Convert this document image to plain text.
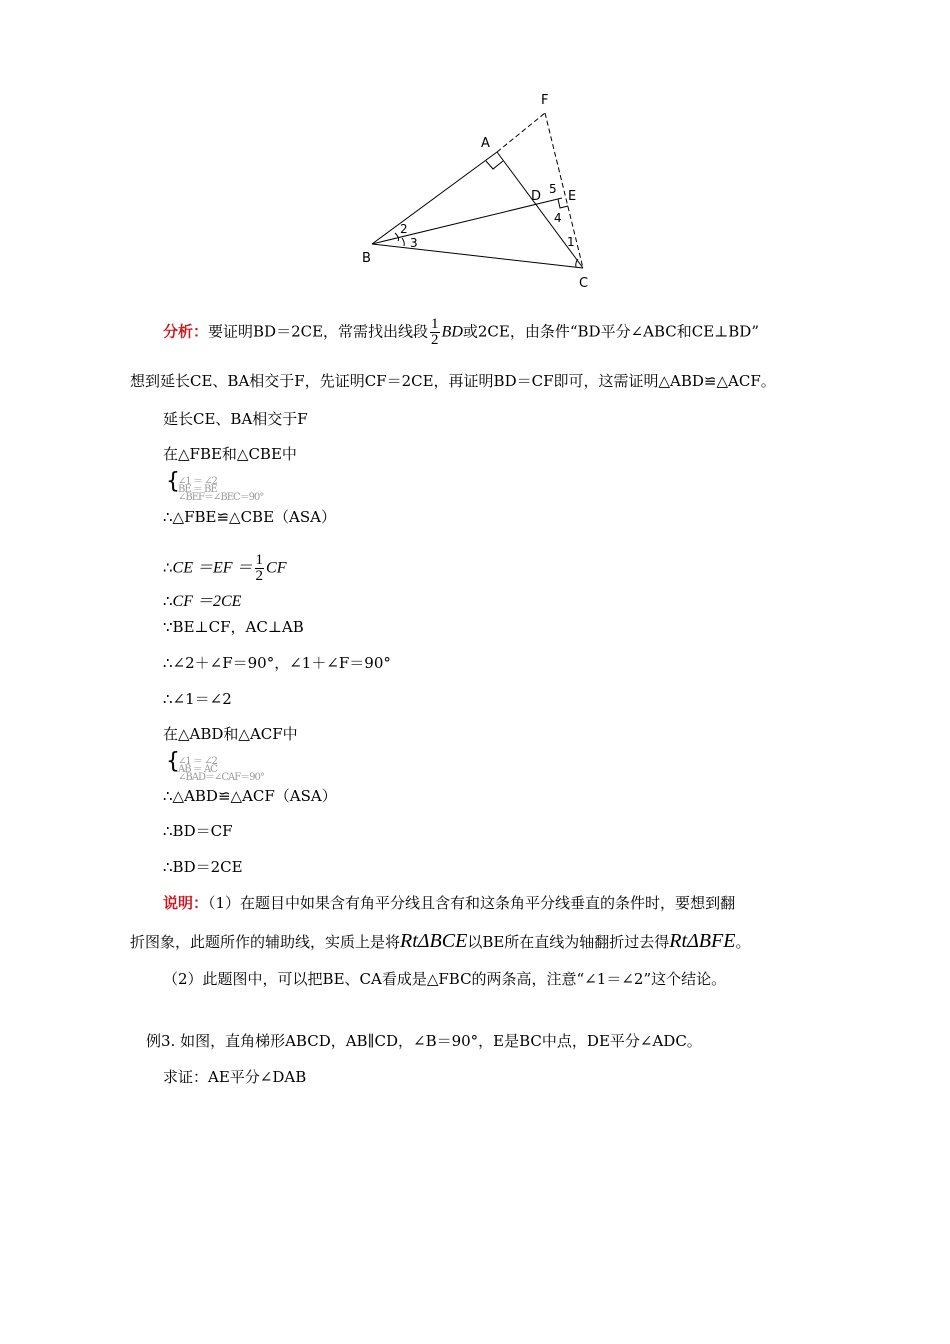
F
A
D 5 E
4
2
3	1
B
C
分析：要证明BD＝2CE，常需找出线段 $\frac{1}{2}$ BD或2CE，由条件“BD平分∠ABC和CE⊥BD”
想到延长CE、BA相交于F，先证明CF＝2CE，再证明BD＝CF即可，这需证明△ABD≌△ACF。
延长CE、BA相交于F
在△FBE和△CBE中
{
∠1 ＝ ∠2
BE ＝ BE
∠BEF＝∠BEC＝90°
∴△FBE≌△CBE（ASA）
∴CE $=EF = \frac{1}{2}$ CF
∴CF ＝2CE
∵BE⊥CF，AC⊥AB
∴∠2＋∠F＝90°，∠1＋∠F＝90°
∴∠1＝∠2
在△ABD和△ACF中
{
∠1 ＝ ∠2
AB ＝ AC
∠BAD＝∠CAF＝90°
∴△ABD≌△ACF（ASA）
∴BD＝CF
∴BD＝2CE
说明：（1）在题目中如果含有角平分线且含有和这条角平分线垂直的条件时，要想到翻
折图象，此题所作的辅助线，实质上是将RtΔBCE以BE所在直线为轴翻折过去得RtΔBFE。
（2）此题图中，可以把BE、CA看成是△FBC的两条高，注意“∠1＝∠2”这个结论。
例3. 如图，直角梯形ABCD，AB∥CD，∠B＝90°，E是BC中点，DE平分∠ADC。
求证：AE平分∠DAB
